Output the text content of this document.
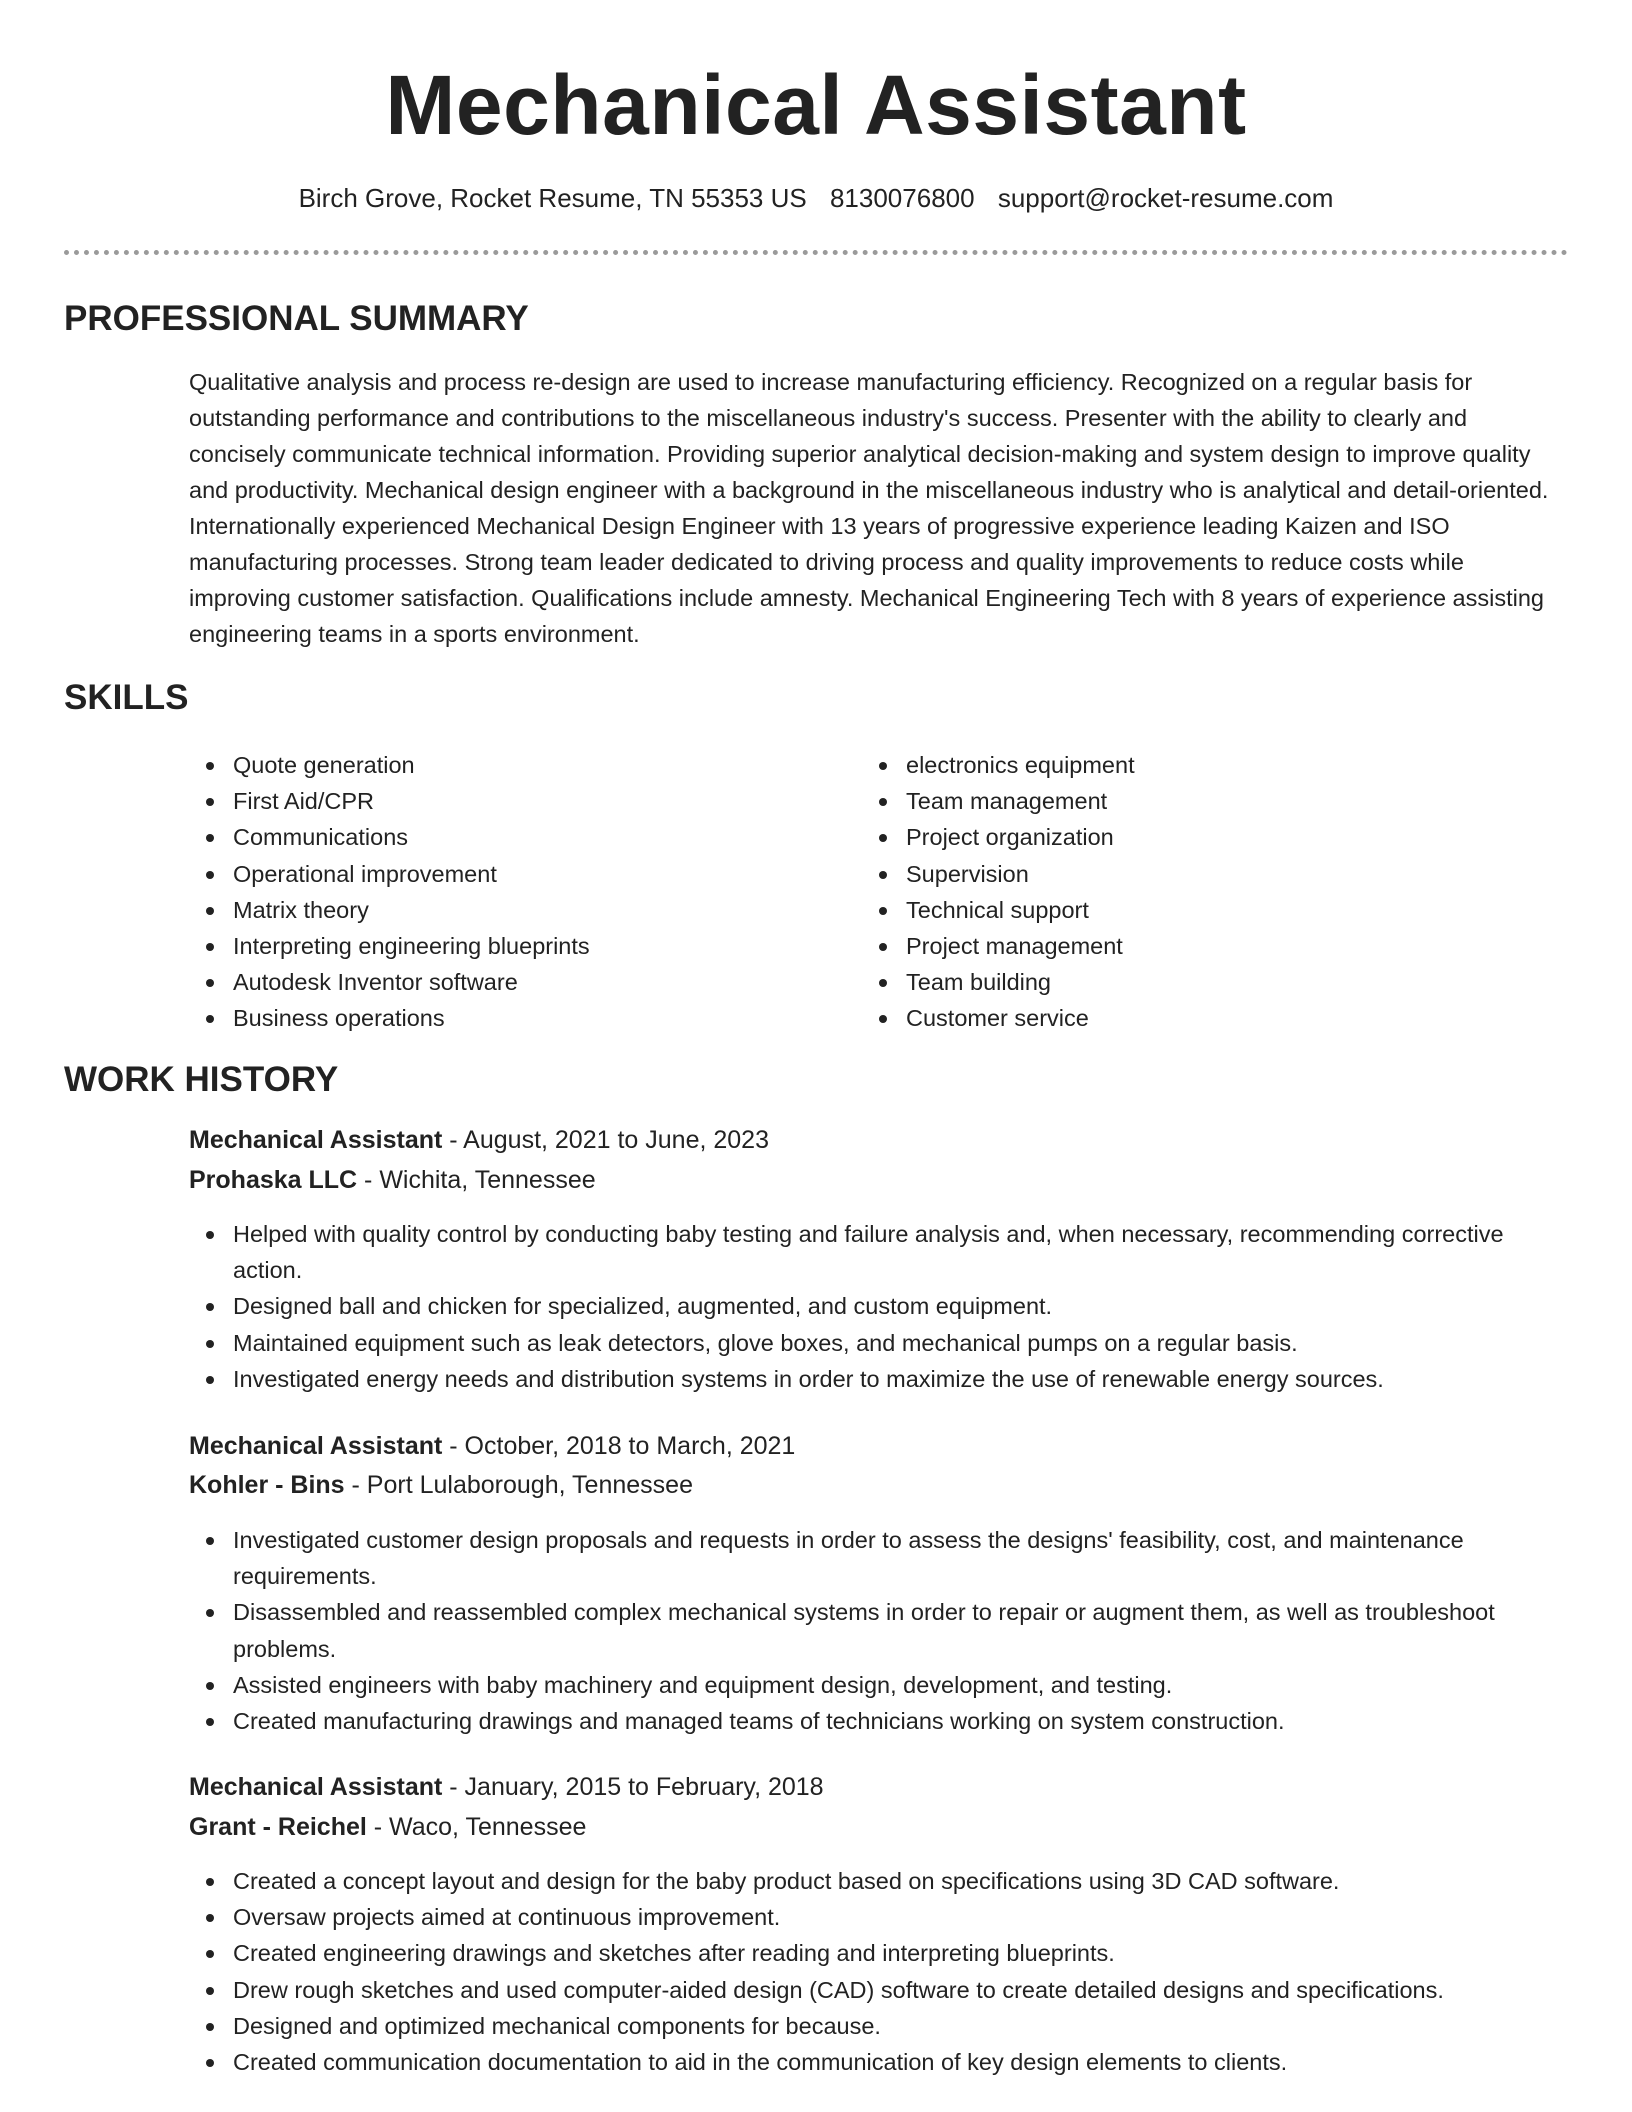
Mechanical Assistant
Birch Grove, Rocket Resume, TN 55353 US 8130076800 support@rocket-resume.com
PROFESSIONAL SUMMARY
Qualitative analysis and process re-design are used to increase manufacturing efficiency. Recognized on a regular basis for outstanding performance and contributions to the miscellaneous industry's success. Presenter with the ability to clearly and concisely communicate technical information. Providing superior analytical decision-making and system design to improve quality and productivity. Mechanical design engineer with a background in the miscellaneous industry who is analytical and detail-oriented. Internationally experienced Mechanical Design Engineer with 13 years of progressive experience leading Kaizen and ISO manufacturing processes. Strong team leader dedicated to driving process and quality improvements to reduce costs while improving customer satisfaction. Qualifications include amnesty. Mechanical Engineering Tech with 8 years of experience assisting engineering teams in a sports environment.
SKILLS
Quote generation
First Aid/CPR
Communications
Operational improvement
Matrix theory
Interpreting engineering blueprints
Autodesk Inventor software
Business operations
electronics equipment
Team management
Project organization
Supervision
Technical support
Project management
Team building
Customer service
WORK HISTORY
Mechanical Assistant - August, 2021 to June, 2023
Prohaska LLC - Wichita, Tennessee
Helped with quality control by conducting baby testing and failure analysis and, when necessary, recommending corrective action.
Designed ball and chicken for specialized, augmented, and custom equipment.
Maintained equipment such as leak detectors, glove boxes, and mechanical pumps on a regular basis.
Investigated energy needs and distribution systems in order to maximize the use of renewable energy sources.
Mechanical Assistant - October, 2018 to March, 2021
Kohler - Bins - Port Lulaborough, Tennessee
Investigated customer design proposals and requests in order to assess the designs' feasibility, cost, and maintenance requirements.
Disassembled and reassembled complex mechanical systems in order to repair or augment them, as well as troubleshoot problems.
Assisted engineers with baby machinery and equipment design, development, and testing.
Created manufacturing drawings and managed teams of technicians working on system construction.
Mechanical Assistant - January, 2015 to February, 2018
Grant - Reichel - Waco, Tennessee
Created a concept layout and design for the baby product based on specifications using 3D CAD software.
Oversaw projects aimed at continuous improvement.
Created engineering drawings and sketches after reading and interpreting blueprints.
Drew rough sketches and used computer-aided design (CAD) software to create detailed designs and specifications.
Designed and optimized mechanical components for because.
Created communication documentation to aid in the communication of key design elements to clients.
